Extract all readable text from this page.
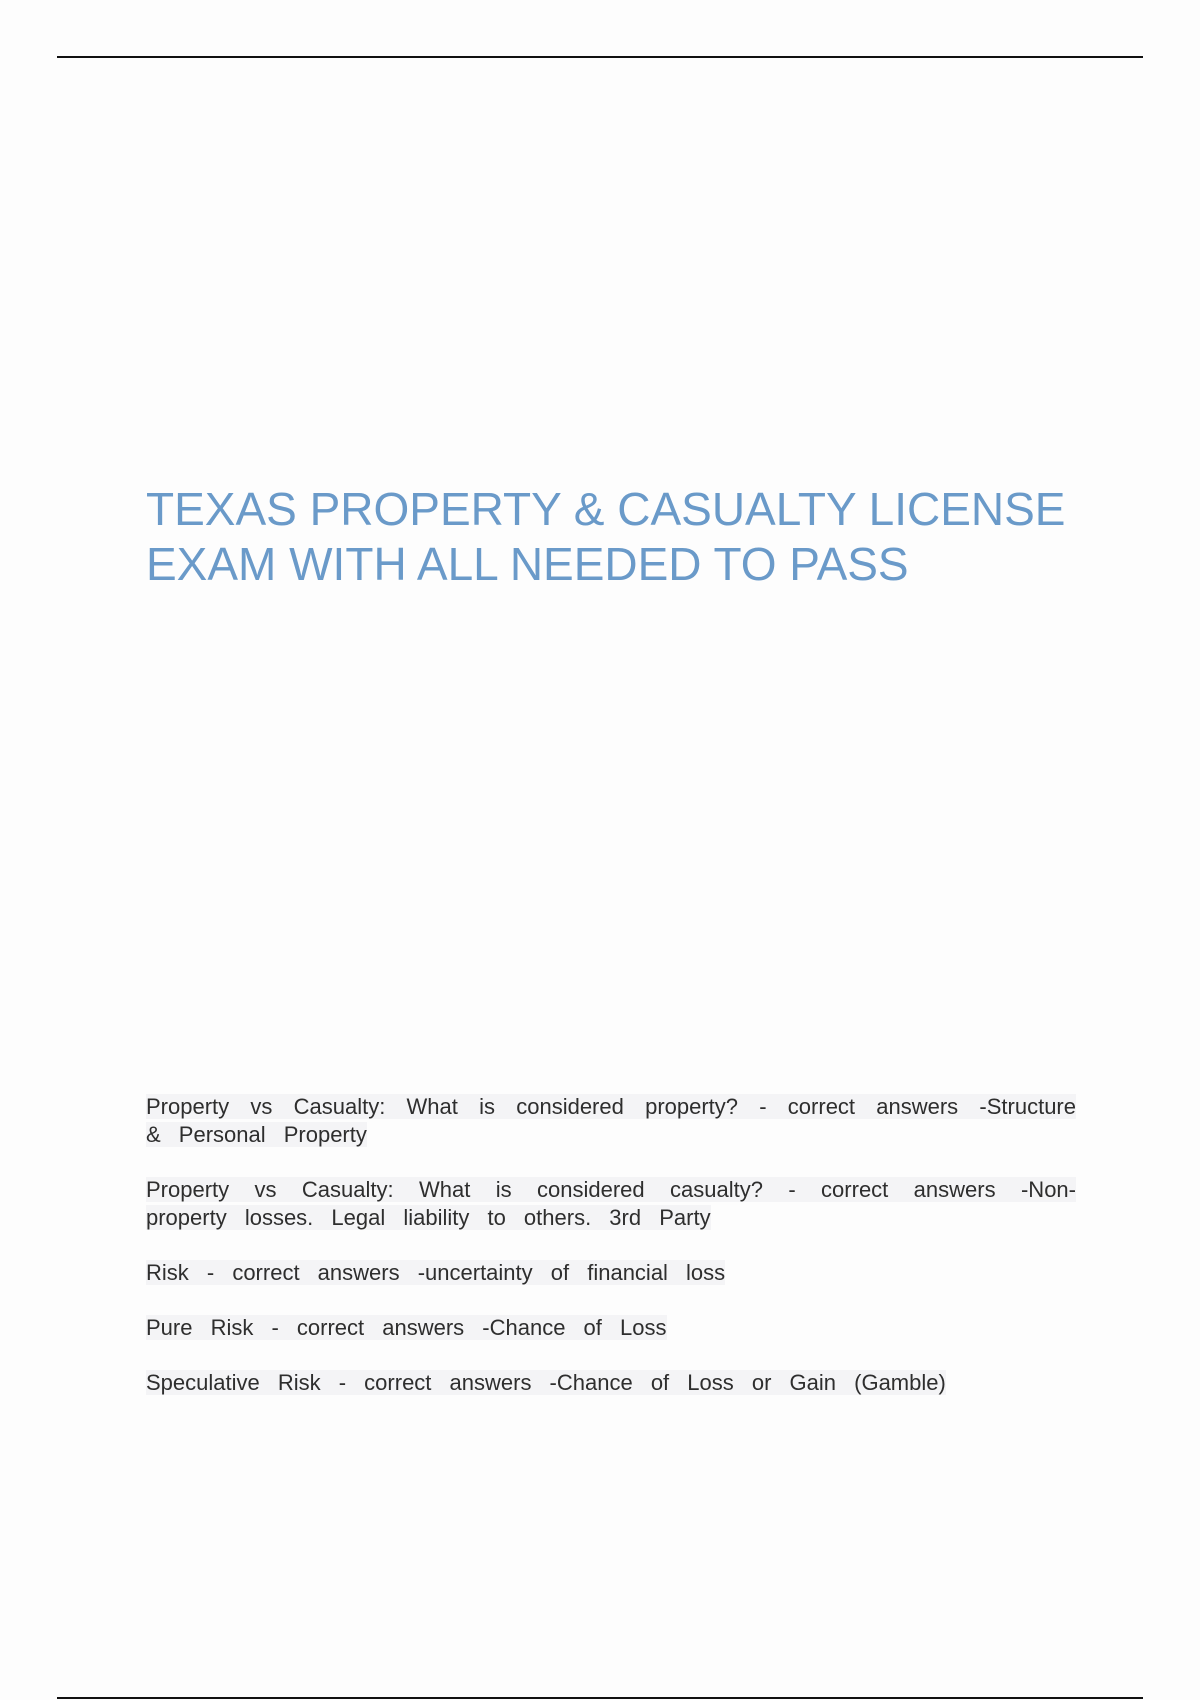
TEXAS PROPERTY & CASUALTY LICENSE EXAM WITH ALL NEEDED TO PASS

Property vs Casualty: What is considered property? - correct answers -Structure & Personal Property

Property vs Casualty: What is considered casualty? - correct answers -Non-property losses. Legal liability to others. 3rd Party

Risk - correct answers -uncertainty of financial loss

Pure Risk - correct answers -Chance of Loss

Speculative Risk - correct answers -Chance of Loss or Gain (Gamble)
